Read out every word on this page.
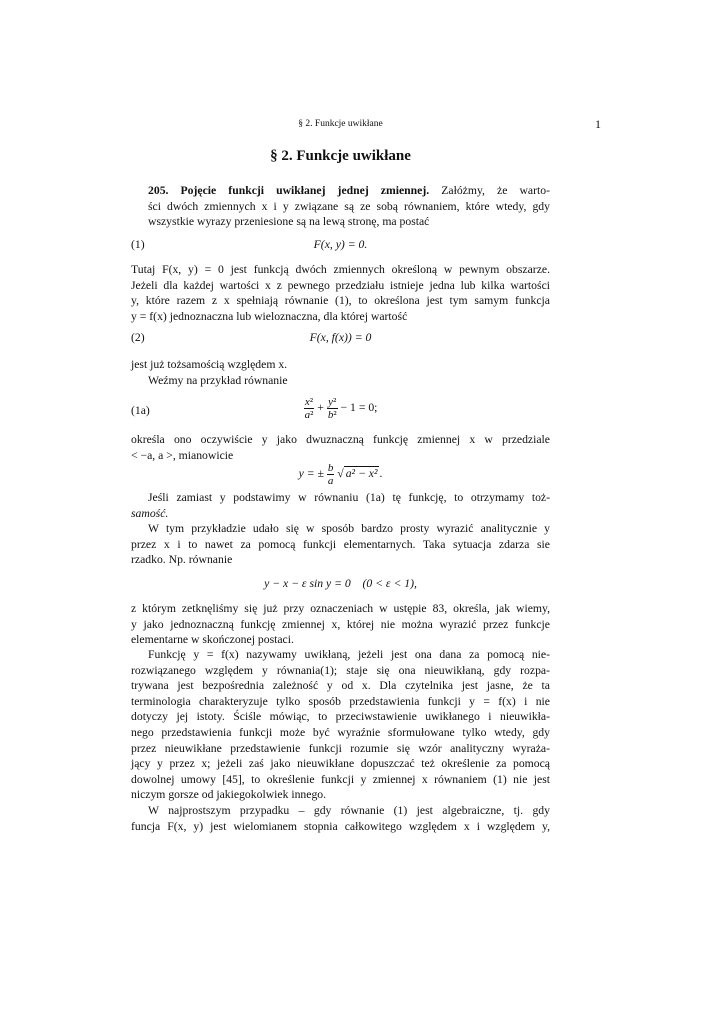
§ 2. Funkcje uwikłane	1
§ 2. Funkcje uwikłane
205. Pojęcie funkcji uwikłanej jednej zmiennej. Załóżmy, że warto-
ści dwóch zmiennych x i y związane są ze sobą równaniem, które wtedy, gdy
wszystkie wyrazy przeniesione są na lewą stronę, ma postać
(1)	F(x, y) = 0.
Tutaj F(x, y) = 0 jest funkcją dwóch zmiennych określoną w pewnym obszarze.
Jeżeli dla każdej wartości x z pewnego przedziału istnieje jedna lub kilka wartości
y, które razem z x spełniają równanie (1), to określona jest tym samym funkcja
y = f(x) jednoznaczna lub wieloznaczna, dla której wartość
(2)	F(x, f(x)) = 0
jest już tożsamością względem x.
Weźmy na przykład równanie
(1a)	$\frac{\text{x²}}{\text{a²}} + \frac{\text{y²}}{\text{b²}} - 1 = 0$;
określa ono oczywiście y jako dwuznaczną funkcję zmiennej x w przedziale
< −a, a >, mianowicie
y = ± $\frac{b}{a}$ √ a² − x² .
Jeśli zamiast y podstawimy w równaniu (1a) tę funkcję, to otrzymamy toż-
samość.
W tym przykładzie udało się w sposób bardzo prosty wyrazić analitycznie y
przez x i to nawet za pomocą funkcji elementarnych. Taka sytuacja zdarza sie
rzadko. Np. równanie
y − x − ε sin y = 0    (0 < ε < 1),
z którym zetknęliśmy się już przy oznaczeniach w ustępie 83, określa, jak wiemy,
y jako jednoznaczną funkcję zmiennej x, której nie można wyrazić przez funkcje
elementarne w skończonej postaci.
Funkcję y = f(x) nazywamy uwikłaną, jeżeli jest ona dana za pomocą nie-
rozwiązanego względem y równania(1); staje się ona nieuwikłaną, gdy rozpa-
trywana jest bezpośrednia zależność y od x. Dla czytelnika jest jasne, że ta
terminologia charakteryzuje tylko sposób przedstawienia funkcji y = f(x) i nie
dotyczy jej istoty. Ściśle mówiąc, to przeciwstawienie uwikłanego i nieuwikła-
nego przedstawienia funkcji może być wyraźnie sformułowane tylko wtedy, gdy
przez nieuwikłane przedstawienie funkcji rozumie się wzór analityczny wyraża-
jący y przez x; jeżeli zaś jako nieuwikłane dopuszczać też określenie za pomocą
dowolnej umowy [45], to określenie funkcji y zmiennej x równaniem (1) nie jest
niczym gorsze od jakiegokolwiek innego.
W najprostszym przypadku – gdy równanie (1) jest algebraiczne, tj. gdy
funcja F(x, y) jest wielomianem stopnia całkowitego względem x i względem y,
